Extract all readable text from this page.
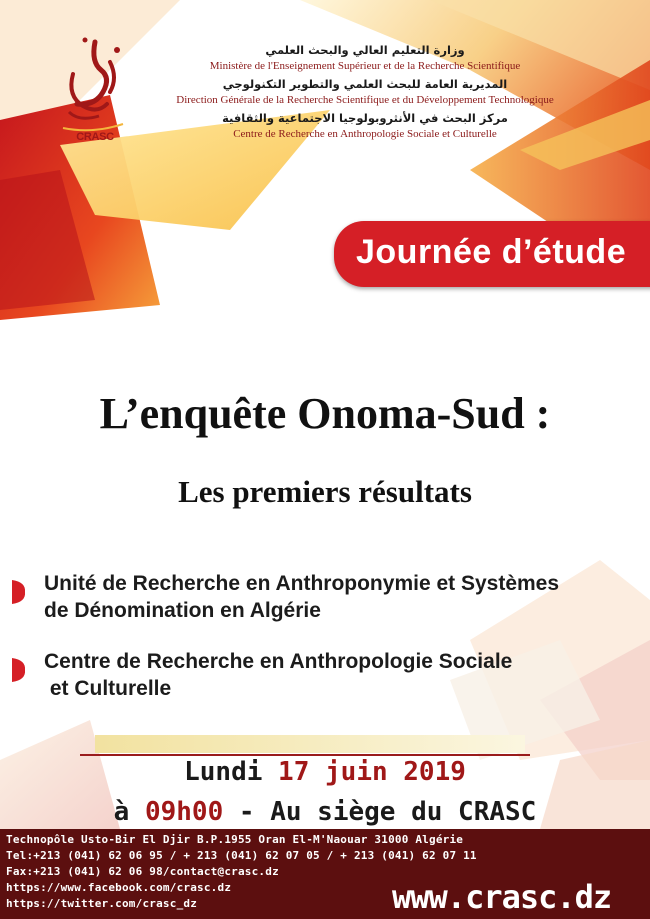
CRASC
وزارة التعليم العالي والبحث العلمي
Ministère de l'Enseignement Supérieur et de la Recherche Scientifique
المديرية العامة للبحث العلمي والتطوير التكنولوجي
Direction Générale de la Recherche Scientifique et du Développement Technologique
مركز البحث في الأنثروبولوجيا الاجتماعية والثقافية
Centre de Recherche en Anthropologie Sociale et Culturelle
Journée d’étude
L’enquête Onoma-Sud :
Les premiers résultats
Unité de Recherche en Anthroponymie et Systèmes
de Dénomination en Algérie
Centre de Recherche en Anthropologie Sociale
et Culturelle
Lundi 17 juin 2019
à 09h00 - Au siège du CRASC
Technopôle Usto-Bir El Djir B.P.1955 Oran El-M'Naouar 31000 Algérie
Tel:+213 (041) 62 06 95 / + 213 (041) 62 07 05 / + 213 (041) 62 07 11
Fax:+213 (041) 62 06 98/contact@crasc.dz
https://www.facebook.com/crasc.dz
https://twitter.com/crasc_dz	www.crasc.dz
